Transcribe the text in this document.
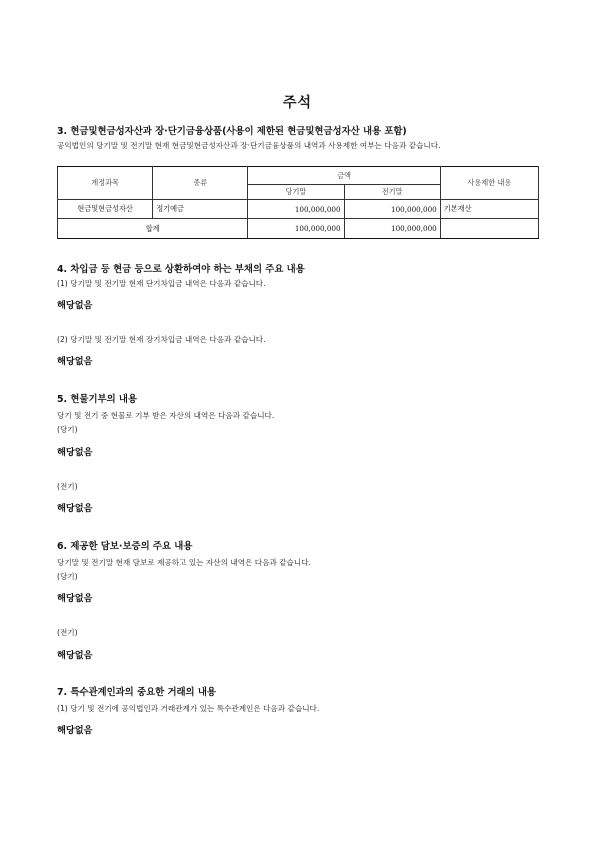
주석
3. 현금및현금성자산과 장·단기금융상품(사용이 제한된 현금및현금성자산 내용 포함)
공익법인의 당기말 및 전기말 현재 현금및현금성자산과 장·단기금융상품의 내역과 사용제한 여부는 다음과 같습니다.
계정과목	종류	금액		사용제한 내용
		당기말	전기말	
현금및현금성자산	정기예금	100,000,000	100,000,000	기본재산
합계		100,000,000	100,000,000	
4. 차입금 등 현금 등으로 상환하여야 하는 부채의 주요 내용
(1) 당기말 및 전기말 현재 단기차입금 내역은 다음과 같습니다.
해당없음
(2) 당기말 및 전기말 현재 장기차입금 내역은 다음과 같습니다.
해당없음
5. 현물기부의 내용
당기 및 전기 중 현물로 기부 받은 자산의 내역은 다음과 같습니다.
(당기)
해당없음
(전기)
해당없음
6. 제공한 담보·보증의 주요 내용
당기말 및 전기말 현재 담보로 제공하고 있는 자산의 내역은 다음과 같습니다.
(당기)
해당없음
(전기)
해당없음
7. 특수관계인과의 중요한 거래의 내용
(1) 당기 및 전기에 공익법인과 거래관계가 있는 특수관계인은 다음과 같습니다.
해당없음
